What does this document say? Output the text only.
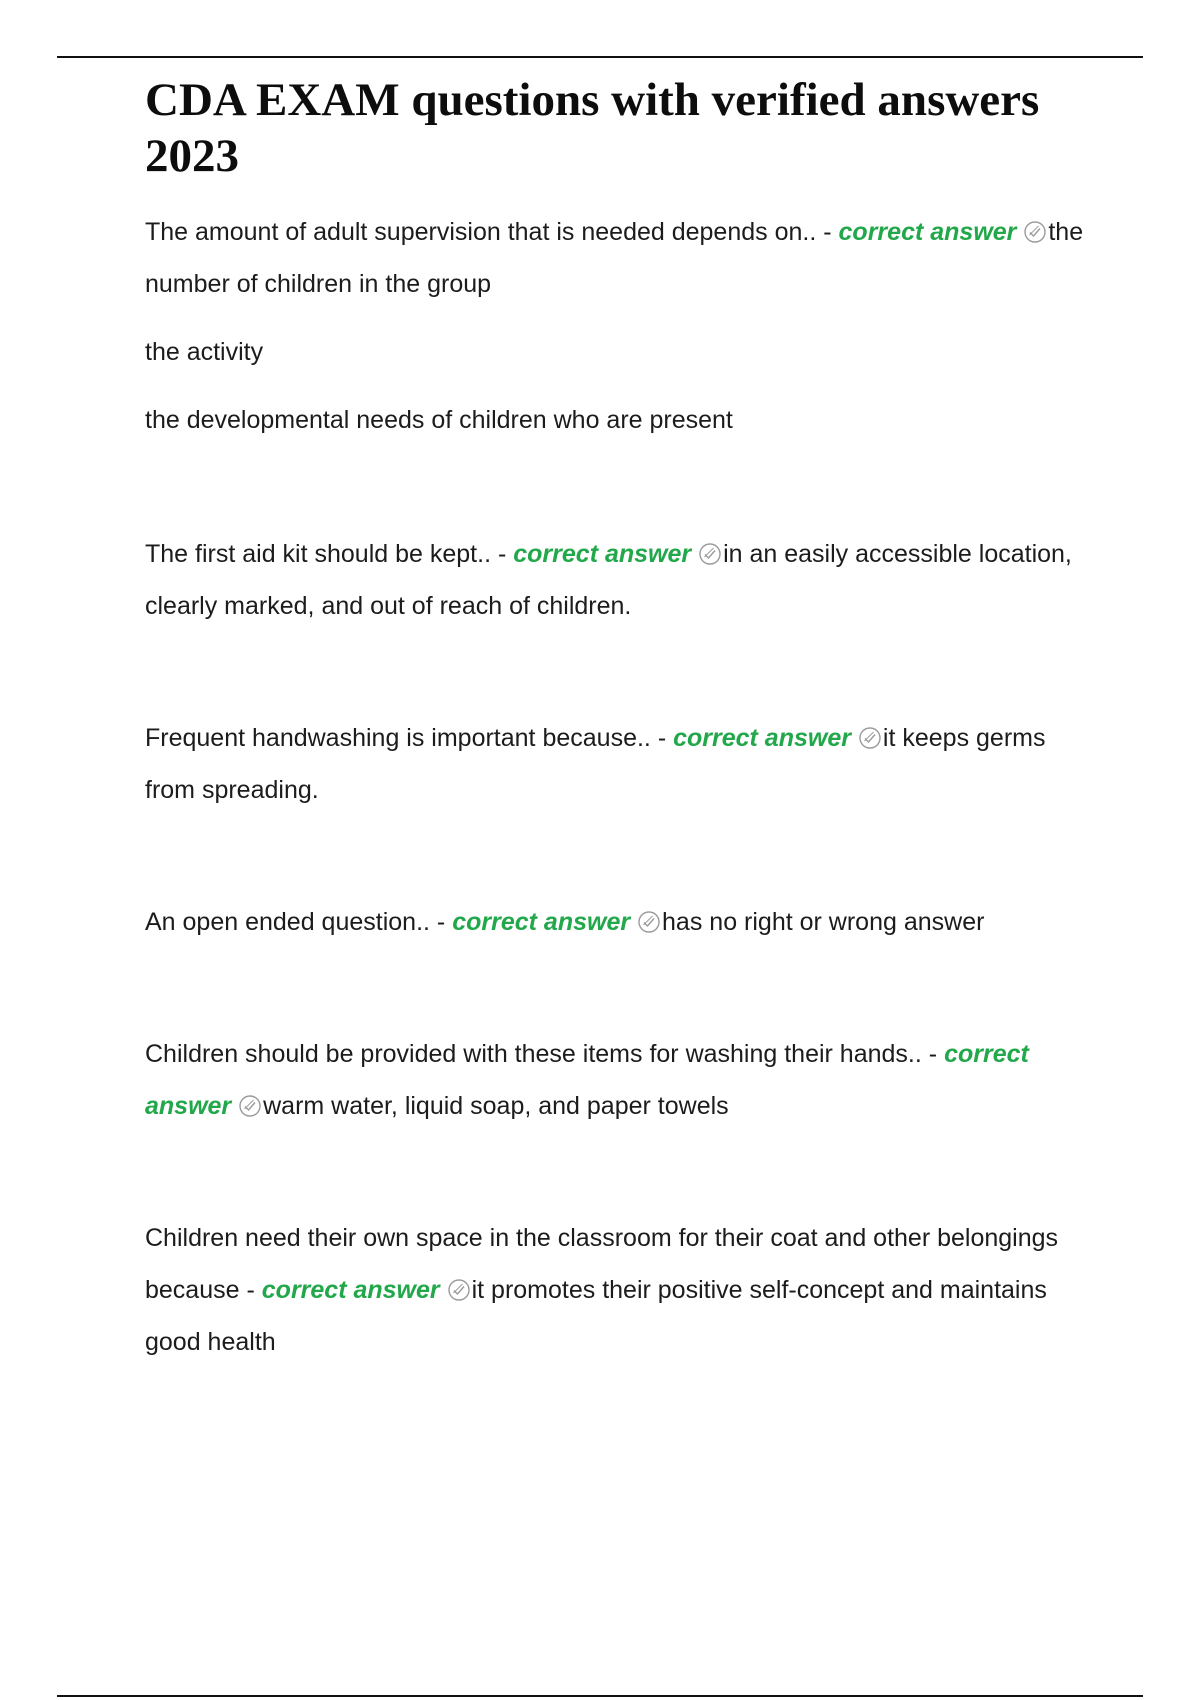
CDA EXAM questions with verified answers 2023

The amount of adult supervision that is needed depends on.. - correct answer the number of children in the group

the activity

the developmental needs of children who are present

The first aid kit should be kept.. - correct answer in an easily accessible location, clearly marked, and out of reach of children.

Frequent handwashing is important because.. - correct answer it keeps germs from spreading.

An open ended question.. - correct answer has no right or wrong answer

Children should be provided with these items for washing their hands.. - correct answer warm water, liquid soap, and paper towels

Children need their own space in the classroom for their coat and other belongings because - correct answer it promotes their positive self-concept and maintains good health
